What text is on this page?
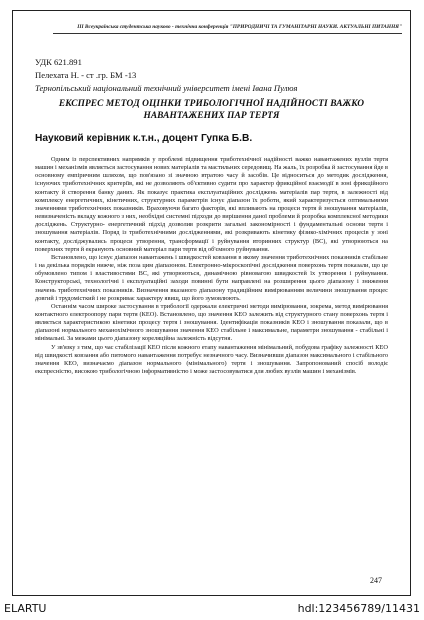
ІІІ Всеукраїнська студентська науково - технічна конференція "ПРИРОДНИЧІ ТА ГУМАНІТАРНІ НАУКИ. АКТУАЛЬНІ ПИТАННЯ"
УДК 621.891
Пелехата Н. - ст .гр. БМ -13
Тернопільський національний технічний університет імені Івана Пулюя
ЕКСПРЕС МЕТОД ОЦІНКИ ТРИБОЛОГІЧНОЇ НАДІЙНОСТІ ВАЖКО НАВАНТАЖЕНИХ ПАР ТЕРТЯ
Науковий керівник к.т.н., доцент Гупка Б.В.

Одним із перспективних напрямків у проблемі підвищення триботехнічної надійності важко навантажених вузлів тертя машин і механізмів являється застосування нових матеріалів та мастильних середовищ. На жаль, їх розробка й застосування йде в основному емпіричним шляхом, що пов'язано зі значною втратою часу й засобів. Це відноситься до методик дослідження, існуючих триботехнічних критеріїв, які не дозволяють об'єктивно судити про характер фрикційної взаємодії в зоні фрикційного контакту й створення банку даних. Як показує практика експлуатаційних досліджень матеріалів пар тертя, в залежності від комплексу енергетичних, кінетичних, структурних параметрів існує діапазон їх роботи, який характеризується оптимальними значеннями триботехнічних показників. Враховуючи багато факторів, які впливають на процеси тертя й зношування матеріалів, невизначеність вкладу кожного з них, необхідні системні підходи до вирішення даної проблеми й розробка комплексної методики досліджень. Структурно- енергетичний підхід дозволив розкрити загальні закономірності і фундаментальні основи тертя і зношування матеріалів. Поряд із триботехнічними дослідженнями, які розкривають кінетику фізико-хімічних процесів у зоні контакту, досліджувались процеси утворення, трансформації і руйнування вторинних структур (ВС), які утворюються на поверхнях тертя й екранують основний матеріал пари тертя від об'ємного руйнування.

Встановлено, що існує діапазон навантажень і швидкостей ковзання в якому значення триботехнічних показників стабільне і на декілька порядків нижче, ніж поза цим діапазоном. Електронно-мікроскопічні дослідження поверхонь тертя показали, що це обумовлено типом і властивостями ВС, які утворюються, динамічною рівновагою швидкостей їх утворення і руйнування. Конструкторські, технологічні і експлуатаційні заходи повинні бути направлені на розширення цього діапазону і зниження значень триботехнічних показників. Визначення вказаного діапазону традиційним вимірюванням величини зношування процес довгий і трудомісткий і не розкриває характеру явищ, що його зумовлюють.

Останнім часом широке застосування в трибології одержали електричні методи вимірювання, зокрема, метод вимірювання контактного електроопору пари тертя (КЕО). Встановлено, що значення КЕО залежить від структурного стану поверхонь тертя і являється характеристикою кінетики процесу тертя і зношування. Ідентифікація показників КЕО і зношування показали, що в діапазоні нормального механохімічного зношування значення КЕО стабільне і максимальне, параметри зношування - стабільні і мінімальні. За межами цього діапазону кореляційна залежність відсутня.

У зв'язку з тим, що час стабілізації КЕО після кожного етапу навантаження мінімальний, побудова графіку залежності КЕО від швидкості ковзання або питомого навантаження потребує незначного часу. Визначивши діапазон максимального і стабільного значення КЕО, визначаємо діапазон нормального (мінімального) тертя і зношування. Запропонований спосіб володіє експресністю, високою трибологічною інформативністю і може застосовуватися для любих вузлів машин і механізмів.

247
ELARTU	hdl:123456789/11431
